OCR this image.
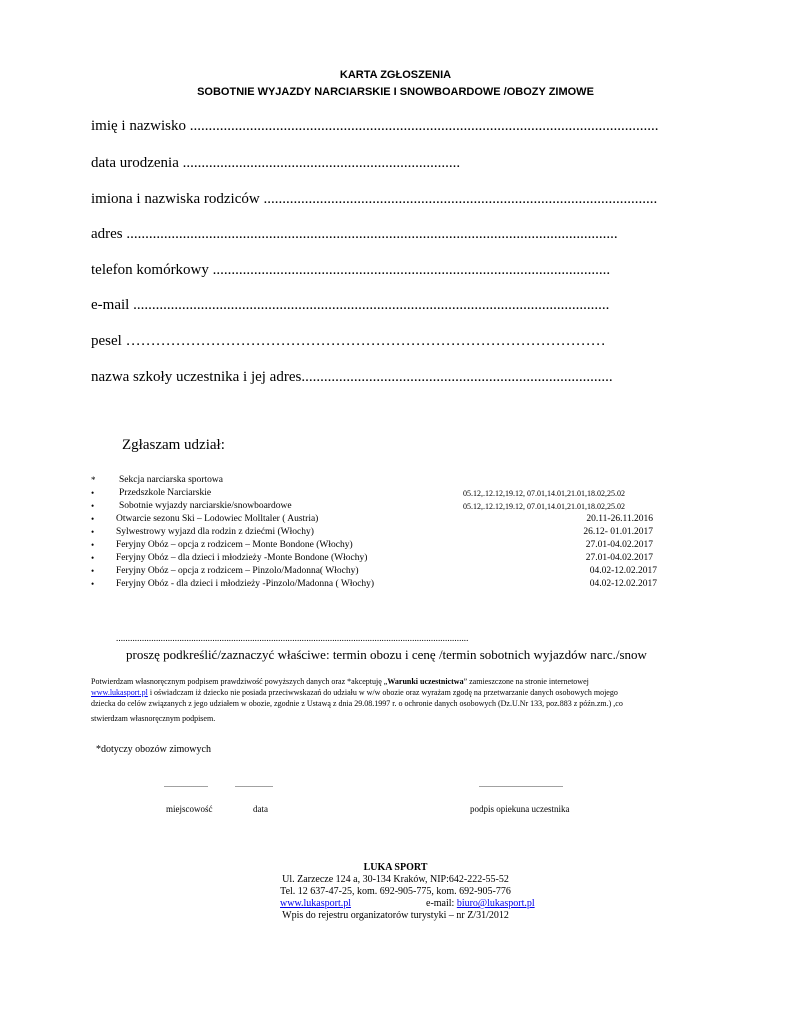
KARTA ZGŁOSZENIA
SOBOTNIE WYJAZDY NARCIARSKIE I SNOWBOARDOWE /OBOZY ZIMOWE
imię i nazwisko .............................................................................................................................
data urodzenia ..........................................................................
imiona i nazwiska rodziców .........................................................................................................
adres ...................................................................................................................................
telefon komórkowy ..........................................................................................................
e-mail ...............................................................................................................................
pesel ……………………………………………………………………………………
nazwa szkoły uczestnika i jej adres...................................................................................
Zgłaszam udział:
* Sekcja narciarska sportowa
•	Przedszkole Narciarskie	05.12,.12.12,19.12, 07.01,14.01,21.01,18.02,25.02
•	Sobotnie wyjazdy narciarskie/snowboardowe	05.12,.12.12,19.12, 07.01,14.01,21.01,18.02,25.02
• Otwarcie sezonu Ski – Lodowiec Molltaler ( Austria)	20.11-26.11.2016
• Sylwestrowy wyjazd dla rodzin z dziećmi (Włochy)	26.12- 01.01.2017
• Feryjny Obóz – opcja z rodzicem – Monte Bondone (Włochy)	27.01-04.02.2017
• Feryjny Obóz – dla dzieci i młodzieży -Monte Bondone (Włochy)	27.01-04.02.2017
• Feryjny Obóz – opcja z rodzicem – Pinzolo/Madonna( Włochy)	04.02-12.02.2017
• Feryjny Obóz - dla dzieci i młodzieży -Pinzolo/Madonna ( Włochy)	04.02-12.02.2017
......................................................................................................................................................
proszę podkreślić/zaznaczyć właściwe: termin obozu i cenę /termin sobotnich wyjazdów narc./snow
Potwierdzam własnoręcznym podpisem prawdziwość powyższych danych oraz *akceptuję „Warunki uczestnictwa” zamieszczone na stronie internetowej
www.lukasport.pl i oświadczam iż dziecko nie posiada przeciwwskazań do udziału w w/w obozie oraz wyrażam zgodę na przetwarzanie danych osobowych mojego
dziecka do celów związanych z jego udziałem w obozie, zgodnie z Ustawą z dnia 29.08.1997 r. o ochronie danych osobowych (Dz.U.Nr 133, poz.883 z późn.zm.) ,co
stwierdzam własnoręcznym podpisem.
*dotyczy obozów zimowych
......................	...................	..........................................
miejscowość	data	podpis opiekuna uczestnika
LUKA SPORT
Ul. Zarzecze 124 a, 30-134 Kraków, NIP:642-222-55-52
Tel. 12 637-47-25, kom. 692-905-775, kom. 692-905-776
www.lukasport.pl	e-mail: biuro@lukasport.pl
Wpis do rejestru organizatorów turystyki – nr Z/31/2012
